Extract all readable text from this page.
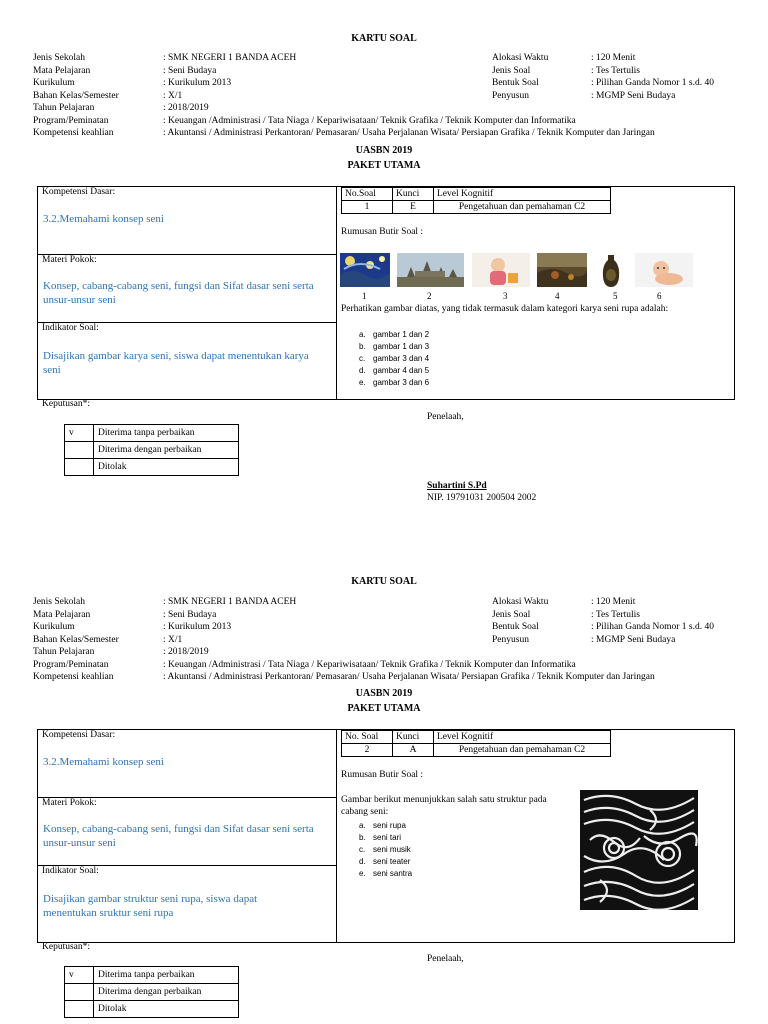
KARTU SOAL
Jenis Sekolah	: SMK NEGERI 1 BANDA ACEH
Mata Pelajaran	: Seni Budaya
Kurikulum	: Kurikulum 2013
Bahan Kelas/Semester	: X/1
Tahun Pelajaran	: 2018/2019
Program/Peminatan	: Keuangan /Administrasi / Tata Niaga / Kepariwisataan/ Teknik Grafika / Teknik Komputer dan Informatika
Kompetensi keahlian	: Akuntansi / Administrasi Perkantoran/ Pemasaran/ Usaha Perjalanan Wisata/ Persiapan Grafika / Teknik Komputer dan Jaringan
Alokasi Waktu	: 120 Menit
Jenis Soal	: Tes Tertulis
Bentuk Soal	: Pilihan Ganda Nomor 1 s.d. 40
Penyusun	: MGMP Seni Budaya
UASBN 2019
PAKET UTAMA
Kompetensi Dasar:
3.2.Memahami konsep seni
Materi Pokok:
Konsep, cabang-cabang seni, fungsi dan Sifat dasar seni serta unsur-unsur seni
Indikator Soal:
Disajikan gambar karya seni, siswa dapat menentukan karya seni
No.Soal	Kunci	Level Kognitif
1	E	Pengetahuan dan pemahaman C2
Rumusan Butir Soal :
1	2	3	4	5	6
Perhatikan gambar diatas, yang tidak termasuk dalam kategori karya seni rupa adalah:
a. gambar 1 dan 2
b. gambar 1 dan 3
c. gambar 3 dan 4
d. gambar 4 dan 5
e. gambar 3 dan 6
Keputusan*:
v	Diterima tanpa perbaikan
	Diterima dengan perbaikan
	Ditolak
Penelaah,
Suhartini S.Pd
NIP. 19791031 200504 2002
KARTU SOAL
Jenis Sekolah	: SMK NEGERI 1 BANDA ACEH
Mata Pelajaran	: Seni Budaya
Kurikulum	: Kurikulum 2013
Bahan Kelas/Semester	: X/1
Tahun Pelajaran	: 2018/2019
Program/Peminatan	: Keuangan /Administrasi / Tata Niaga / Kepariwisataan/ Teknik Grafika / Teknik Komputer dan Informatika
Kompetensi keahlian	: Akuntansi / Administrasi Perkantoran/ Pemasaran/ Usaha Perjalanan Wisata/ Persiapan Grafika / Teknik Komputer dan Jaringan
Alokasi Waktu	: 120 Menit
Jenis Soal	: Tes Tertulis
Bentuk Soal	: Pilihan Ganda Nomor 1 s.d. 40
Penyusun	: MGMP Seni Budaya
UASBN 2019
PAKET UTAMA
Kompetensi Dasar:
3.2.Memahami konsep seni
Materi Pokok:
Konsep, cabang-cabang seni, fungsi dan Sifat dasar seni serta unsur-unsur seni
Indikator Soal:
Disajikan gambar struktur seni rupa, siswa dapat menentukan sruktur seni rupa
No. Soal	Kunci	Level Kognitif
2	A	Pengetahuan dan pemahaman C2
Rumusan Butir Soal :
Gambar berikut menunjukkan salah satu struktur pada cabang seni:
a. seni rupa
b. seni tari
c. seni musik
d. seni teater
e. seni santra
Keputusan*:
Penelaah,
v	Diterima tanpa perbaikan
	Diterima dengan perbaikan
	Ditolak
